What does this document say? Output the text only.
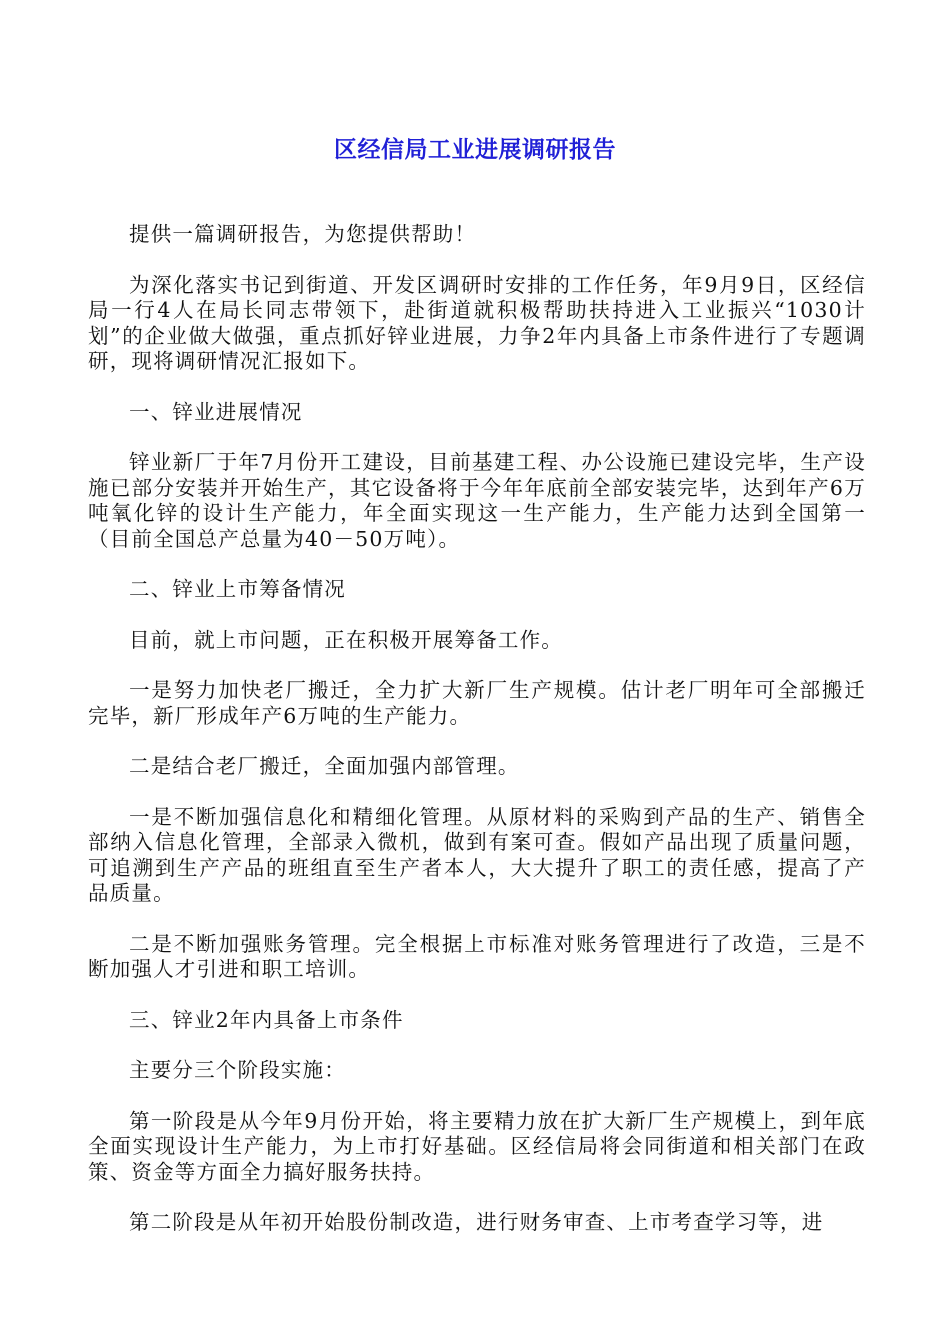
区经信局工业进展调研报告

提供一篇调研报告，为您提供帮助！

为深化落实书记到街道、开发区调研时安排的工作任务，年9月9日，区经信局一行4人在局长同志带领下，赴街道就积极帮助扶持进入工业振兴“1030计划”的企业做大做强，重点抓好锌业进展，力争2年内具备上市条件进行了专题调研，现将调研情况汇报如下。

一、锌业进展情况

锌业新厂于年7月份开工建设，目前基建工程、办公设施已建设完毕，生产设施已部分安装并开始生产，其它设备将于今年年底前全部安装完毕，达到年产6万吨氧化锌的设计生产能力，年全面实现这一生产能力，生产能力达到全国第一（目前全国总产总量为40－50万吨）。

二、锌业上市筹备情况

目前，就上市问题，正在积极开展筹备工作。

一是努力加快老厂搬迁，全力扩大新厂生产规模。估计老厂明年可全部搬迁完毕，新厂形成年产6万吨的生产能力。

二是结合老厂搬迁，全面加强内部管理。

一是不断加强信息化和精细化管理。从原材料的采购到产品的生产、销售全部纳入信息化管理，全部录入微机，做到有案可查。假如产品出现了质量问题，可追溯到生产产品的班组直至生产者本人，大大提升了职工的责任感，提高了产品质量。

二是不断加强账务管理。完全根据上市标准对账务管理进行了改造，三是不断加强人才引进和职工培训。

三、锌业2年内具备上市条件

主要分三个阶段实施：

第一阶段是从今年9月份开始，将主要精力放在扩大新厂生产规模上，到年底全面实现设计生产能力，为上市打好基础。区经信局将会同街道和相关部门在政策、资金等方面全力搞好服务扶持。

第二阶段是从年初开始股份制改造，进行财务审查、上市考查学习等，进
